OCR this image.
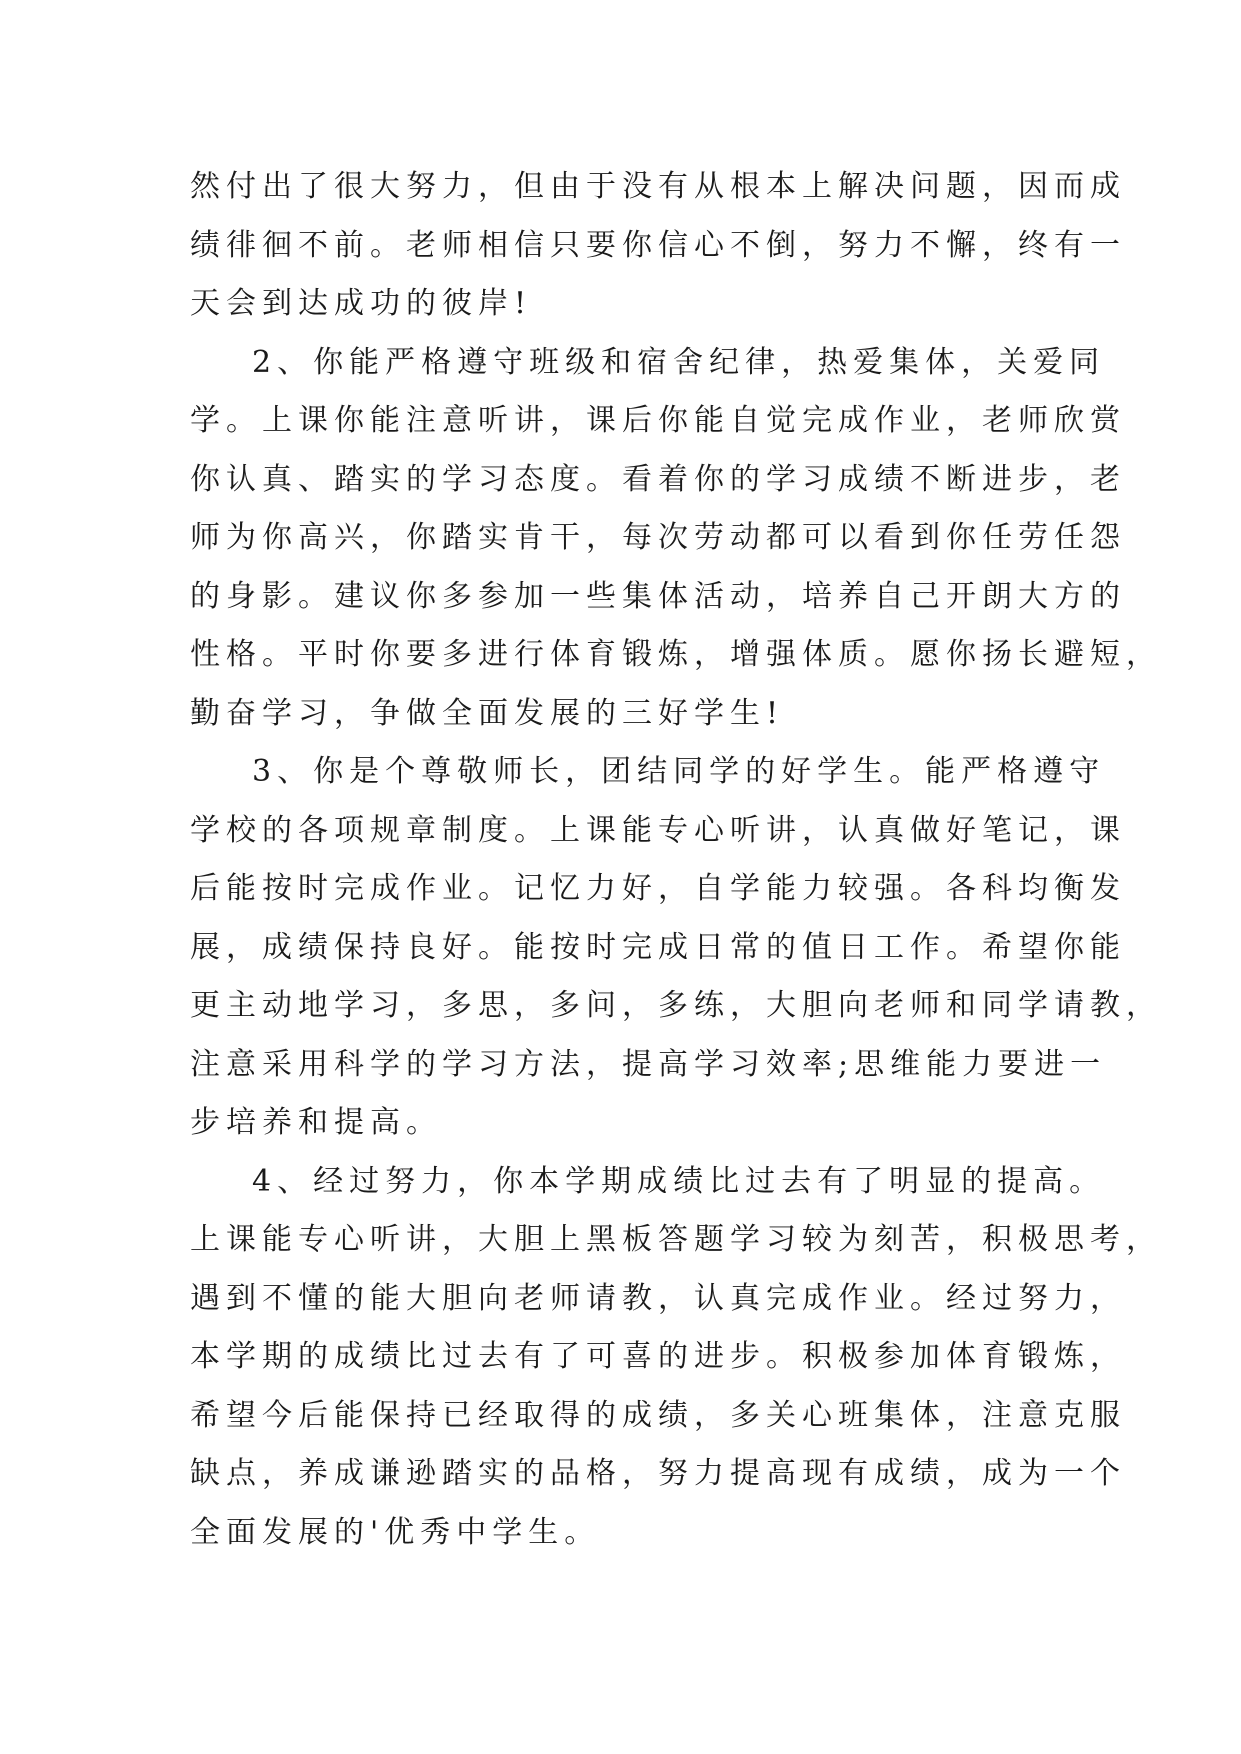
然付出了很大努力，但由于没有从根本上解决问题，因而成
绩徘徊不前。老师相信只要你信心不倒，努力不懈，终有一
天会到达成功的彼岸!
2、你能严格遵守班级和宿舍纪律，热爱集体，关爱同
学。上课你能注意听讲，课后你能自觉完成作业，老师欣赏
你认真、踏实的学习态度。看着你的学习成绩不断进步，老
师为你高兴，你踏实肯干，每次劳动都可以看到你任劳任怨
的身影。建议你多参加一些集体活动，培养自己开朗大方的
性格。平时你要多进行体育锻炼，增强体质。愿你扬长避短，
勤奋学习，争做全面发展的三好学生!
3、你是个尊敬师长，团结同学的好学生。能严格遵守
学校的各项规章制度。上课能专心听讲，认真做好笔记，课
后能按时完成作业。记忆力好，自学能力较强。各科均衡发
展，成绩保持良好。能按时完成日常的值日工作。希望你能
更主动地学习，多思，多问，多练，大胆向老师和同学请教，
注意采用科学的学习方法，提高学习效率;思维能力要进一
步培养和提高。
4、经过努力，你本学期成绩比过去有了明显的提高。
上课能专心听讲，大胆上黑板答题学习较为刻苦，积极思考，
遇到不懂的能大胆向老师请教，认真完成作业。经过努力，
本学期的成绩比过去有了可喜的进步。积极参加体育锻炼，
希望今后能保持已经取得的成绩，多关心班集体，注意克服
缺点，养成谦逊踏实的品格，努力提高现有成绩，成为一个
全面发展的'优秀中学生。
